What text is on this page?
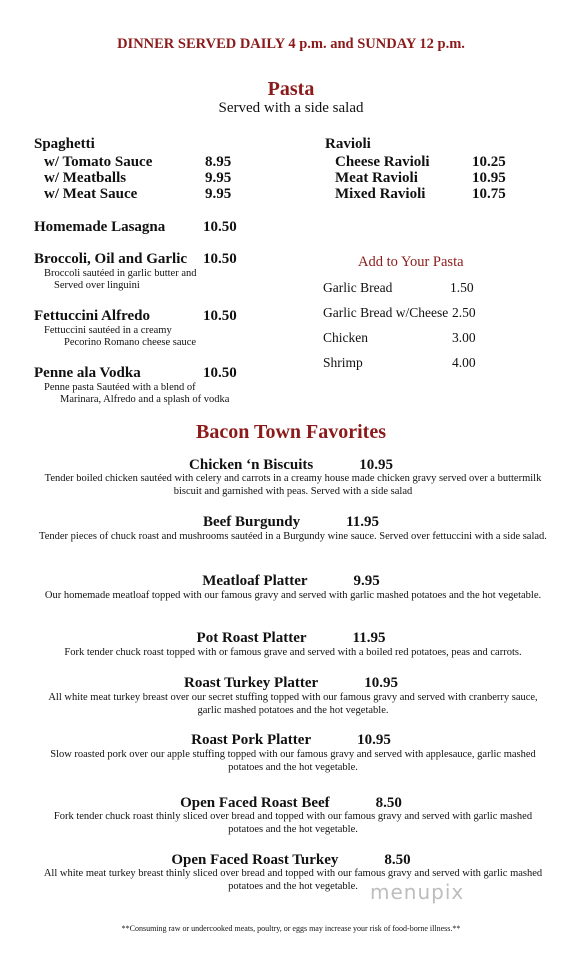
DINNER SERVED DAILY 4 p.m. and SUNDAY 12 p.m.
Pasta
Served with a side salad
Spaghetti
w/ Tomato Sauce	8.95
w/ Meatballs	9.95
w/ Meat Sauce	9.95
Ravioli
Cheese Ravioli	10.25
Meat Ravioli	10.95
Mixed Ravioli	10.75
Homemade Lasagna	10.50
Broccoli, Oil and Garlic 10.50
Broccoli sautéed in garlic butter and
Served over linguini
Fettuccini Alfredo	10.50
Fettuccini sautéed in a creamy
Pecorino Romano cheese sauce
Penne ala Vodka	10.50
Penne pasta Sautéed with a blend of
Marinara, Alfredo and a splash of vodka
Add to Your Pasta
Garlic Bread	1.50
Garlic Bread w/Cheese 2.50
Chicken	3.00
Shrimp	4.00
Bacon Town Favorites
Chicken ‘n Biscuits	10.95
Tender boiled chicken sautéed with celery and carrots in a creamy house made chicken gravy served over a buttermilk biscuit and garnished with peas. Served with a side salad
Beef Burgundy	11.95
Tender pieces of chuck roast and mushrooms sautéed in a Burgundy wine sauce. Served over fettuccini with a side salad.
Meatloaf Platter	9.95
Our homemade meatloaf topped with our famous gravy and served with garlic mashed potatoes and the hot vegetable.
Pot Roast Platter	11.95
Fork tender chuck roast topped with or famous grave and served with a boiled red potatoes, peas and carrots.
Roast Turkey Platter	10.95
All white meat turkey breast over our secret stuffing topped with our famous gravy and served with cranberry sauce, garlic mashed potatoes and the hot vegetable.
Roast Pork Platter	10.95
Slow roasted pork over our apple stuffing topped with our famous gravy and served with applesauce, garlic mashed potatoes and the hot vegetable.
Open Faced Roast Beef	8.50
Fork tender chuck roast thinly sliced over bread and topped with our famous gravy and served with garlic mashed potatoes and the hot vegetable.
Open Faced Roast Turkey	8.50
All white meat turkey breast thinly sliced over bread and topped with our famous gravy and served with garlic mashed potatoes and the hot vegetable. menupix
**Consuming raw or undercooked meats, poultry, or eggs may increase your risk of food-borne illness.**
